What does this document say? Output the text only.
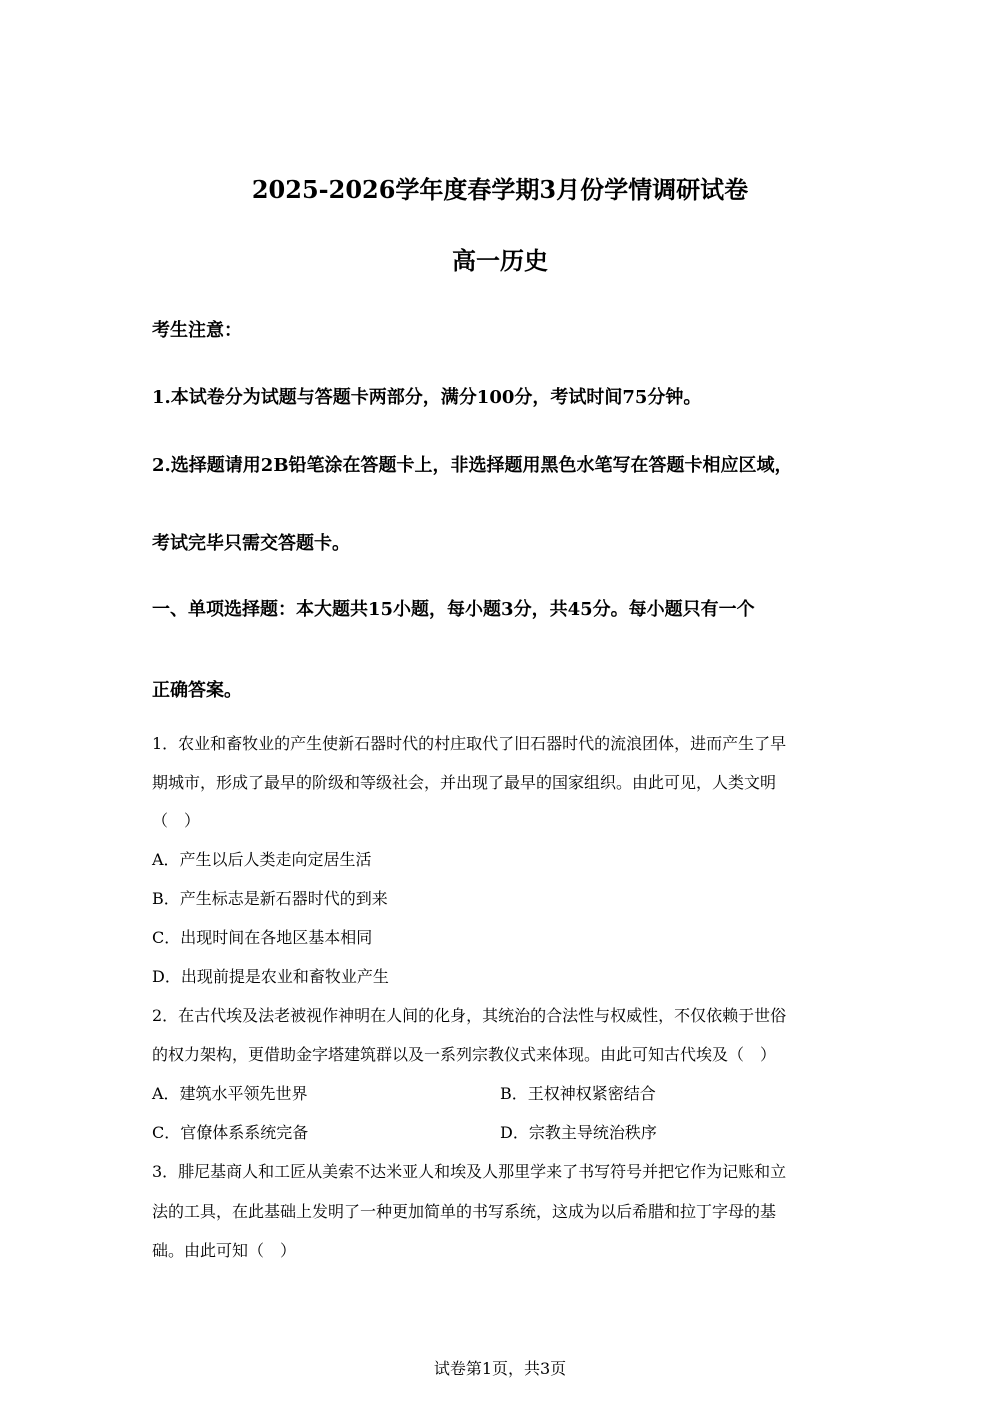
2025-2026学年度春学期3月份学情调研试卷
高一历史
考生注意：
1.本试卷分为试题与答题卡两部分，满分100分，考试时间75分钟。
2.选择题请用2B铅笔涂在答题卡上，非选择题用黑色水笔写在答题卡相应区域，
考试完毕只需交答题卡。
一、单项选择题：本大题共15小题，每小题3分，共45分。每小题只有一个
正确答案。
1．农业和畜牧业的产生使新石器时代的村庄取代了旧石器时代的流浪团体，进而产生了早
期城市，形成了最早的阶级和等级社会，并出现了最早的国家组织。由此可见，人类文明
（　）
A．产生以后人类走向定居生活
B．产生标志是新石器时代的到来
C．出现时间在各地区基本相同
D．出现前提是农业和畜牧业产生
2．在古代埃及法老被视作神明在人间的化身，其统治的合法性与权威性，不仅依赖于世俗
的权力架构，更借助金字塔建筑群以及一系列宗教仪式来体现。由此可知古代埃及（　）
A．建筑水平领先世界	B．王权神权紧密结合
C．官僚体系系统完备	D．宗教主导统治秩序
3．腓尼基商人和工匠从美索不达米亚人和埃及人那里学来了书写符号并把它作为记账和立
法的工具，在此基础上发明了一种更加简单的书写系统，这成为以后希腊和拉丁字母的基
础。由此可知（　）
试卷第1页，共3页
